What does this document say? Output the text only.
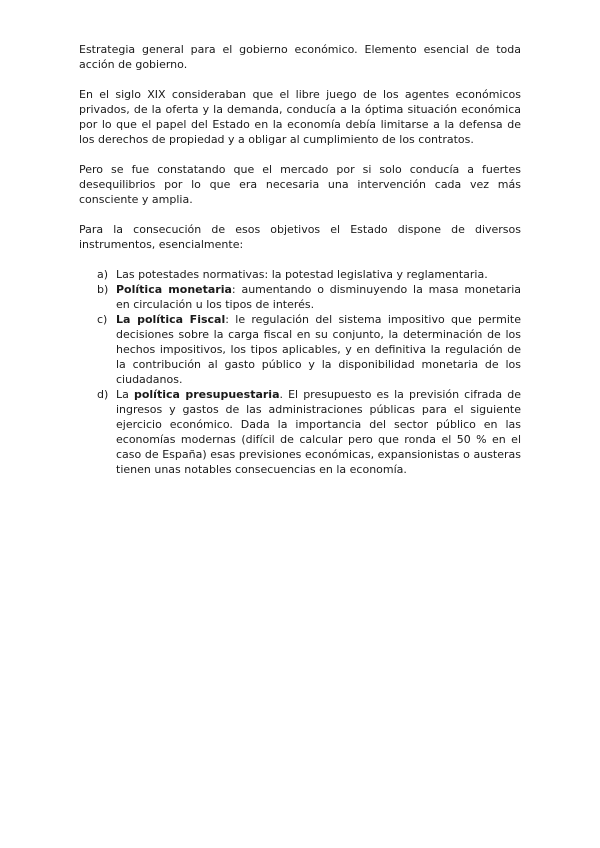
Estrategia general para el gobierno económico. Elemento esencial de toda acción de gobierno.

En el siglo XIX consideraban que el libre juego de los agentes económicos privados, de la oferta y la demanda, conducía a la óptima situación económica por lo que el papel del Estado en la economía debía limitarse a la defensa de los derechos de propiedad y a obligar al cumplimiento de los contratos.

Pero se fue constatando que el mercado por si solo conducía a fuertes desequilibrios por lo que era necesaria una intervención cada vez más consciente y amplia.

Para la consecución de esos objetivos el Estado dispone de diversos instrumentos, esencialmente:

a) Las potestades normativas: la potestad legislativa y reglamentaria.
b) Política monetaria: aumentando o disminuyendo la masa monetaria en circulación u los tipos de interés.
c) La política Fiscal: le regulación del sistema impositivo que permite decisiones sobre la carga fiscal en su conjunto, la determinación de los hechos impositivos, los tipos aplicables, y en definitiva la regulación de la contribución al gasto público y la disponibilidad monetaria de los ciudadanos.
d) La política presupuestaria. El presupuesto es la previsión cifrada de ingresos y gastos de las administraciones públicas para el siguiente ejercicio económico. Dada la importancia del sector público en las economías modernas (difícil de calcular pero que ronda el 50 % en el caso de España) esas previsiones económicas, expansionistas o austeras tienen unas notables consecuencias en la economía.
